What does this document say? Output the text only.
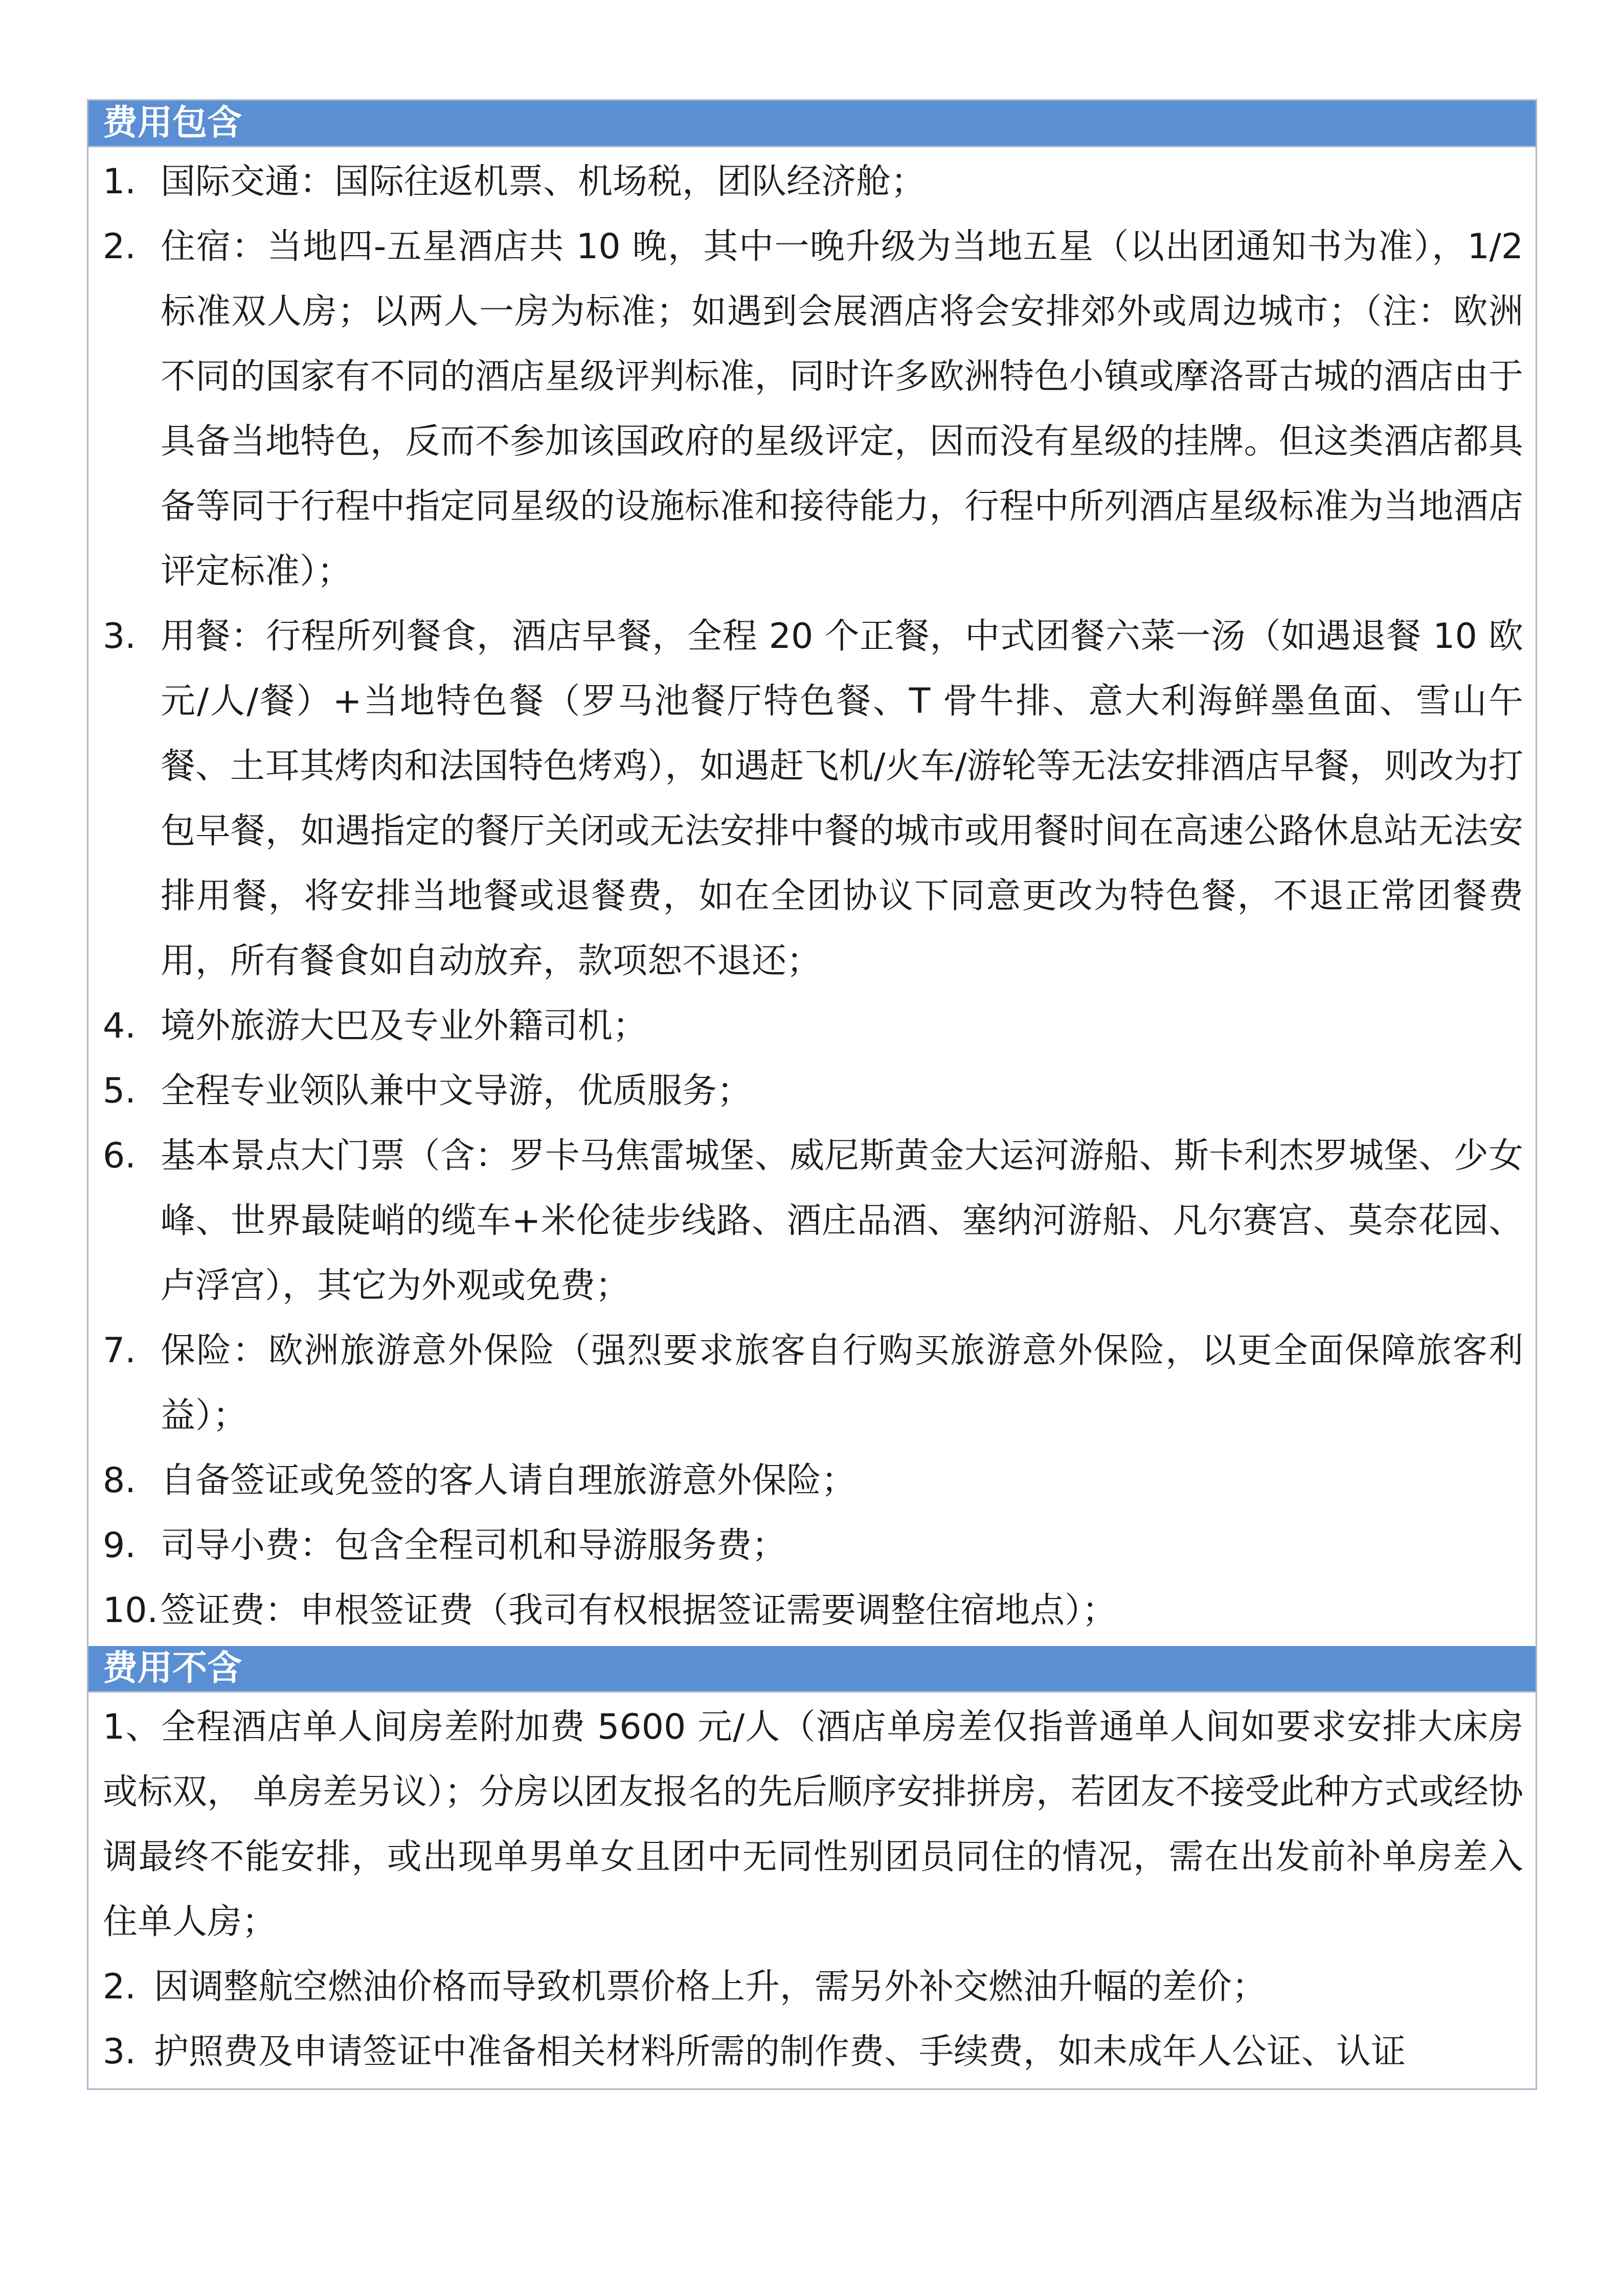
费用包含
1. 国际交通：国际往返机票、机场税，团队经济舱；
2. 住宿：当地四-五星酒店共 10 晚，其中一晚升级为当地五星（以出团通知书为准），1/2 标准双人房；以两人一房为标准；如遇到会展酒店将会安排郊外或周边城市；（注：欧洲不同的国家有不同的酒店星级评判标准，同时许多欧洲特色小镇或摩洛哥古城的酒店由于具备当地特色，反而不参加该国政府的星级评定，因而没有星级的挂牌。但这类酒店都具备等同于行程中指定同星级的设施标准和接待能力，行程中所列酒店星级标准为当地酒店评定标准）；
3. 用餐：行程所列餐食，酒店早餐，全程 20 个正餐，中式团餐六菜一汤（如遇退餐 10 欧元/人/餐）+当地特色餐（罗马池餐厅特色餐、T 骨牛排、意大利海鲜墨鱼面、雪山午餐、土耳其烤肉和法国特色烤鸡），如遇赶飞机/火车/游轮等无法安排酒店早餐，则改为打包早餐，如遇指定的餐厅关闭或无法安排中餐的城市或用餐时间在高速公路休息站无法安排用餐，将安排当地餐或退餐费，如在全团协议下同意更改为特色餐，不退正常团餐费用，所有餐食如自动放弃，款项恕不退还；
4. 境外旅游大巴及专业外籍司机；
5. 全程专业领队兼中文导游，优质服务；
6. 基本景点大门票（含：罗卡马焦雷城堡、威尼斯黄金大运河游船、斯卡利杰罗城堡、少女峰、世界最陡峭的缆车+米伦徒步线路、酒庄品酒、塞纳河游船、凡尔赛宫、莫奈花园、卢浮宫），其它为外观或免费；
7. 保险：欧洲旅游意外保险（强烈要求旅客自行购买旅游意外保险，以更全面保障旅客利益）；
8. 自备签证或免签的客人请自理旅游意外保险；
9. 司导小费：包含全程司机和导游服务费；
10. 签证费：申根签证费（我司有权根据签证需要调整住宿地点）；
费用不含
1、全程酒店单人间房差附加费 5600 元/人（酒店单房差仅指普通单人间如要求安排大床房或标双， 单房差另议）；分房以团友报名的先后顺序安排拼房，若团友不接受此种方式或经协调最终不能安排，或出现单男单女且团中无同性别团员同住的情况，需在出发前补单房差入住单人房；
2. 因调整航空燃油价格而导致机票价格上升，需另外补交燃油升幅的差价；
3. 护照费及申请签证中准备相关材料所需的制作费、手续费，如未成年人公证、认证
